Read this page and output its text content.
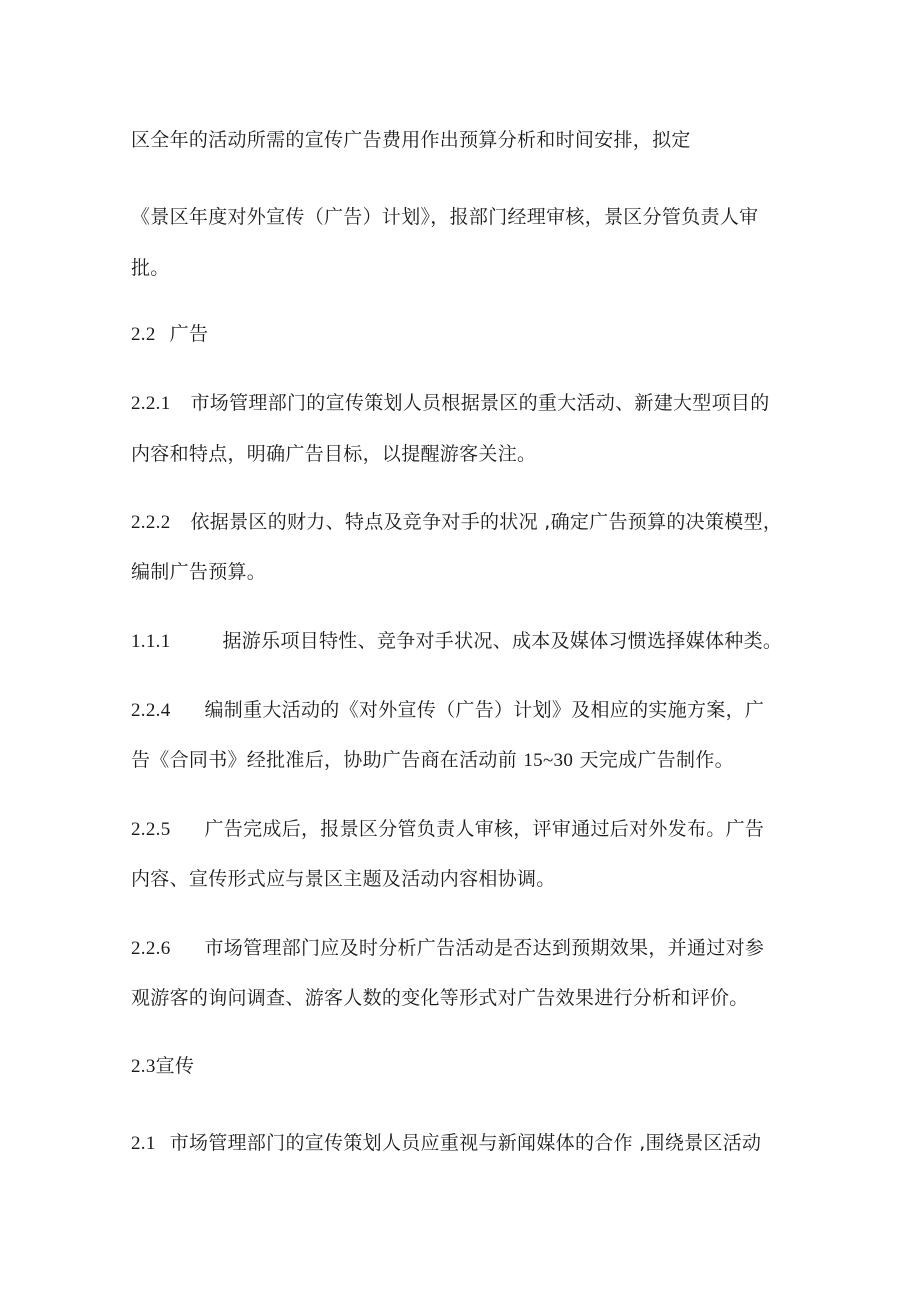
区全年的活动所需的宣传广告费用作出预算分析和时间安排，拟定
《景区年度对外宣传（广告）计划》，报部门经理审核，景区分管负责人审
批。
2.2 广告
2.2.1 市场管理部门的宣传策划人员根据景区的重大活动、新建大型项目的
内容和特点，明确广告目标，以提醒游客关注。
2.2.2 依据景区的财力、特点及竞争对手的状况 ,确定广告预算的决策模型，
编制广告预算。
1.1.1	据游乐项目特性、竞争对手状况、成本及媒体习惯选择媒体种类。
2.2.4 编制重大活动的《对外宣传（广告）计划》及相应的实施方案，广
告《合同书》经批准后，协助广告商在活动前 15~30 天完成广告制作。
2.2.5 广告完成后，报景区分管负责人审核，评审通过后对外发布。广告
内容、宣传形式应与景区主题及活动内容相协调。
2.2.6 市场管理部门应及时分析广告活动是否达到预期效果，并通过对参
观游客的询问调查、游客人数的变化等形式对广告效果进行分析和评价。
2.3宣传
2.1 市场管理部门的宣传策划人员应重视与新闻媒体的合作 ,围绕景区活动
